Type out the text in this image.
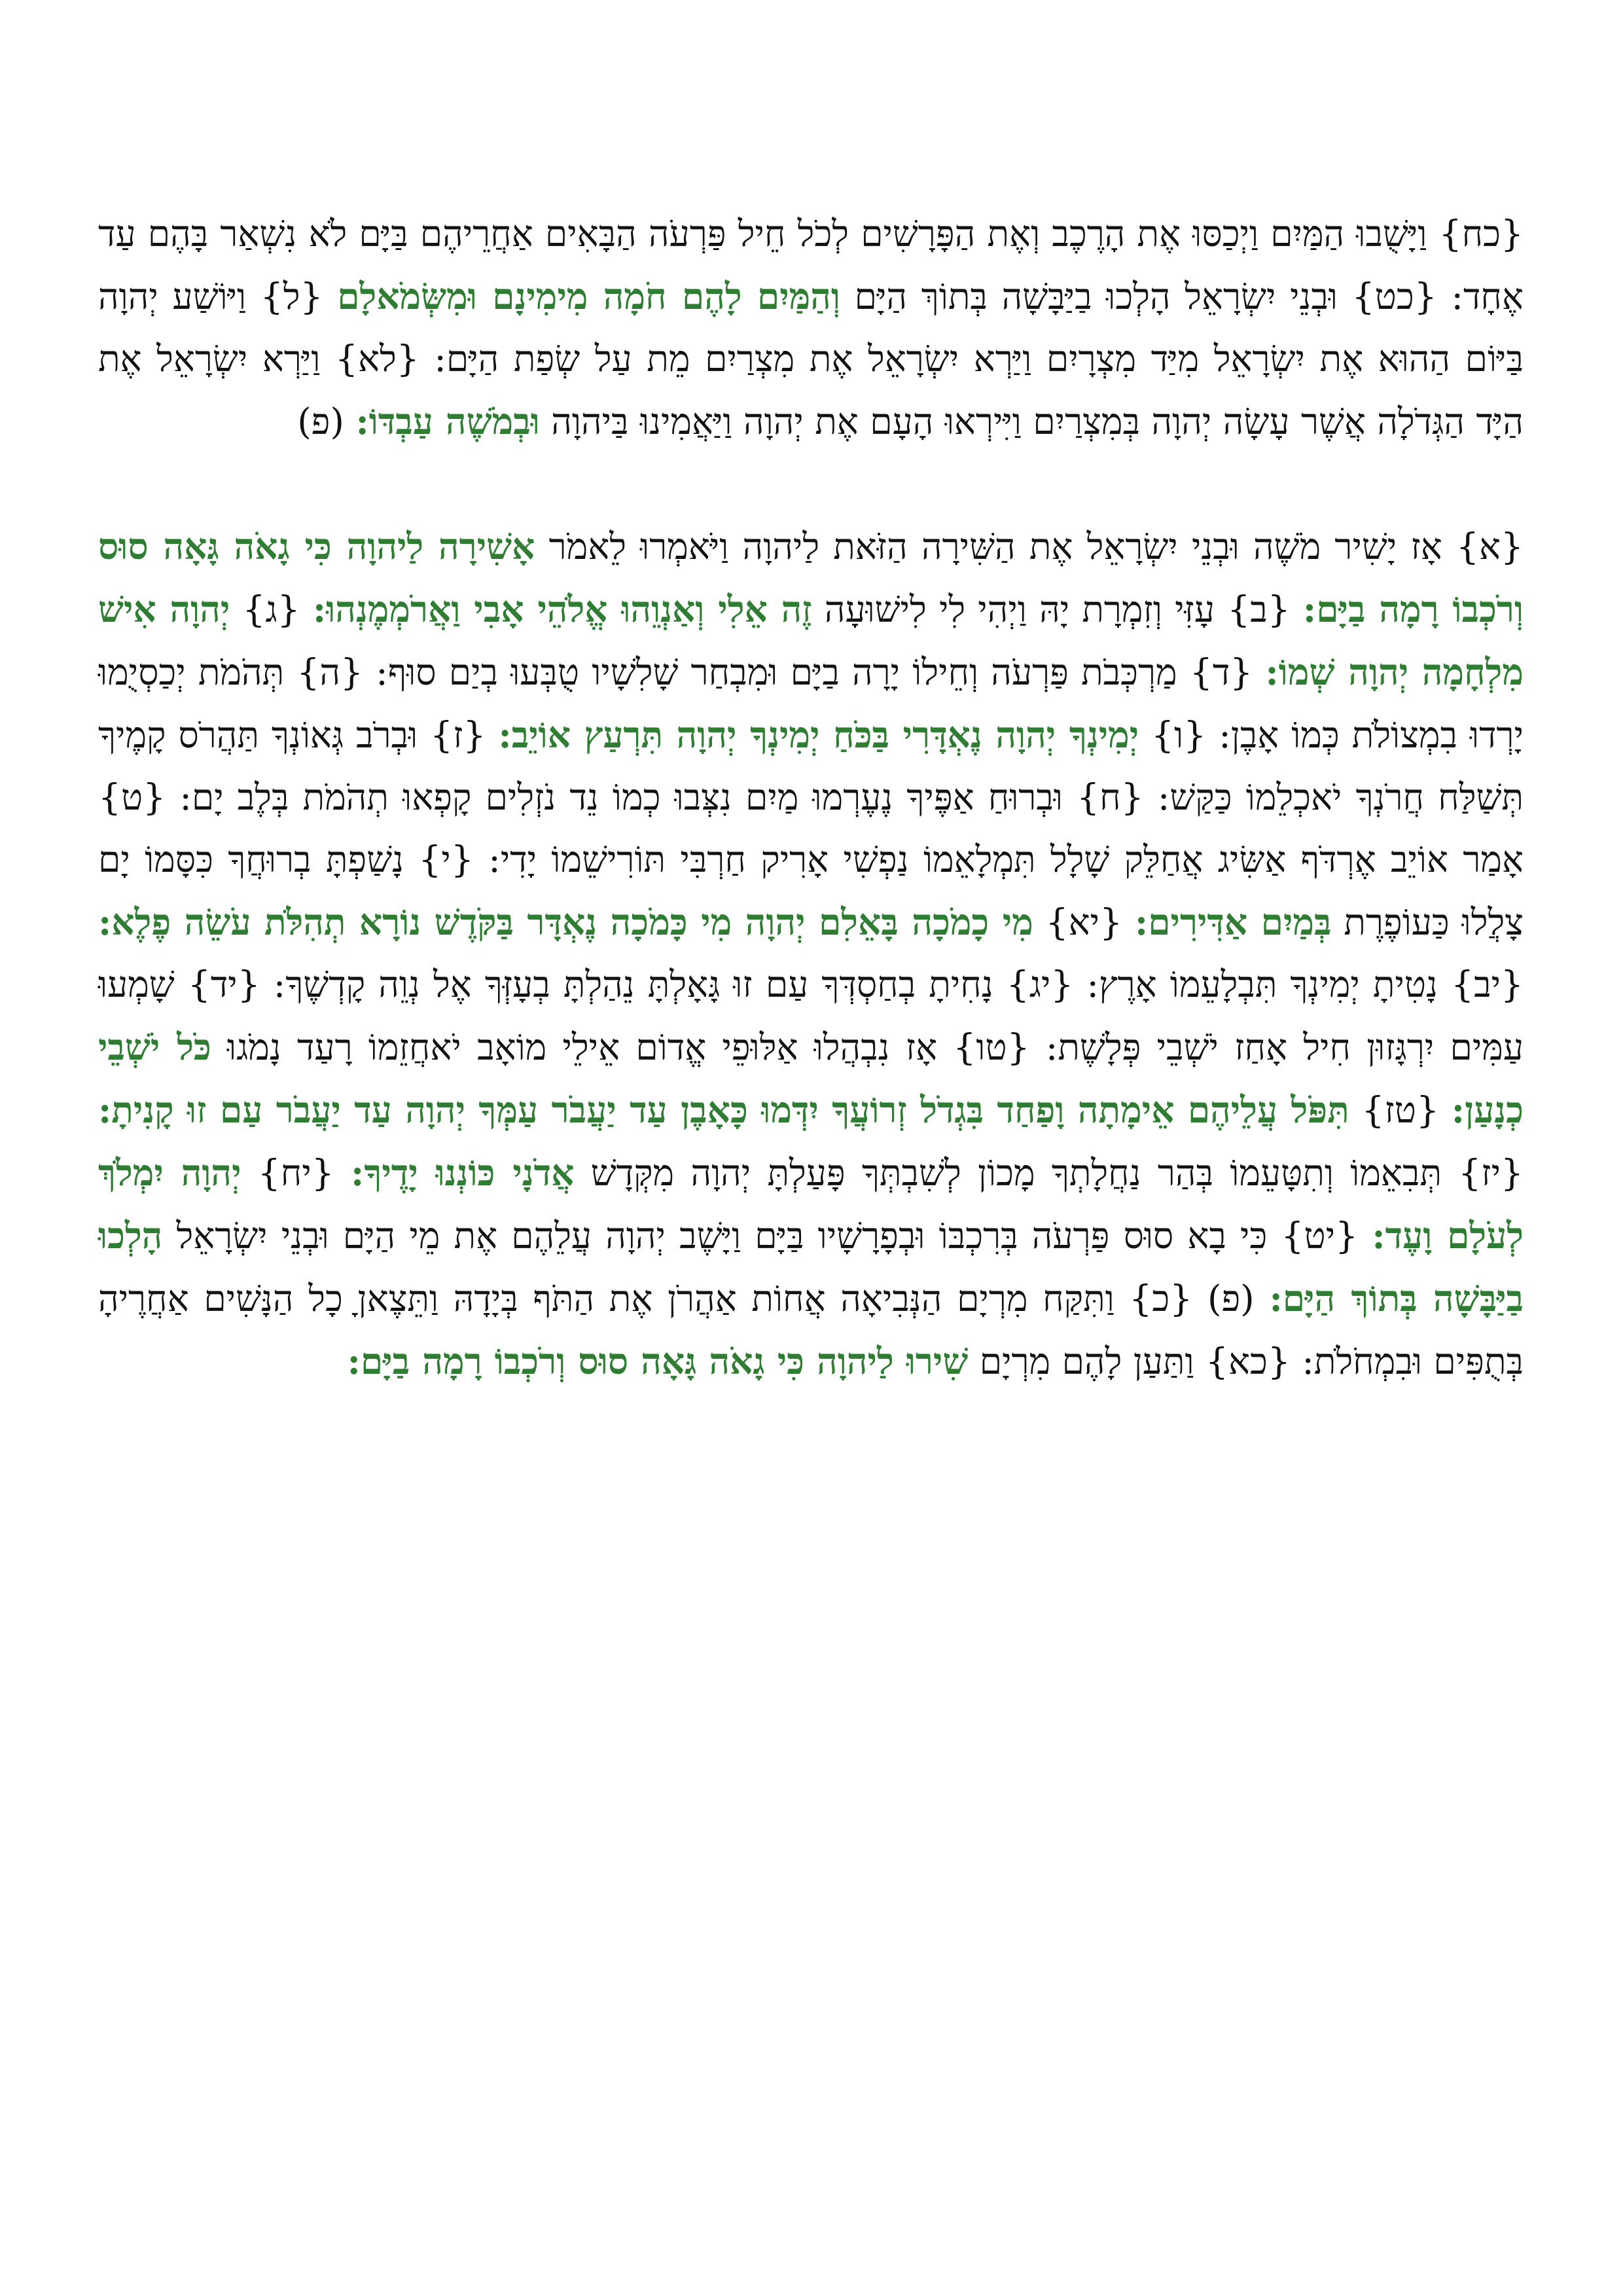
{כח} וַיָּשֻׁבוּ הַמַּיִם וַיְכַסּוּ אֶת הָרֶכֶב וְאֶת הַפָּרָשִׁים לְכֹל חֵיל פַּרְעֹה הַבָּאִים אַחֲרֵיהֶם בַּיָּם לֹא נִשְׁאַר בָּהֶם עַד אֶחָד: {כט} וּבְנֵי יִשְׂרָאֵל הָלְכוּ בַיַּבָּשָׁה בְּתוֹךְ הַיָּם וְהַמַּיִם לָהֶם חֹמָה מִימִינָם וּמִשְּׂמֹאלָם {ל} וַיּוֹשַׁע יְהוָה בַּיּוֹם הַהוּא אֶת יִשְׂרָאֵל מִיַּד מִצְרָיִם וַיַּרְא יִשְׂרָאֵל אֶת מִצְרַיִם מֵת עַל שְׂפַת הַיָּם: {לא} וַיַּרְא יִשְׂרָאֵל אֶת הַיָּד הַגְּדֹלָה אֲשֶׁר עָשָׂה יְהוָה בְּמִצְרַיִם וַיִּירְאוּ הָעָם אֶת יְהוָה וַיַּאֲמִינוּ בַּיהוָה וּבְמֹשֶׁה עַבְדּוֹ: (פ)

{א} אָז יָשִׁיר מֹשֶׁה וּבְנֵי יִשְׂרָאֵל אֶת הַשִּׁירָה הַזֹּאת לַיהוָה וַיֹּאמְרוּ לֵאמֹר אָשִׁירָה לַיהוָה כִּי גָאֹה גָּאָה סוּס וְרֹכְבוֹ רָמָה בַיָּם: {ב} עָזִּי וְזִמְרָת יָהּ וַיְהִי לִי לִישׁוּעָה זֶה אֵלִי וְאַנְוֵהוּ אֱלֹהֵי אָבִי וַאֲרֹמְמֶנְהוּ: {ג} יְהוָה אִישׁ מִלְחָמָה יְהוָה שְׁמוֹ: {ד} מַרְכְּבֹת פַּרְעֹה וְחֵילוֹ יָרָה בַיָּם וּמִבְחַר שָׁלִשָׁיו טֻבְּעוּ בְיַם סוּף: {ה} תְּהֹמֹת יְכַסְיֻמוּ יָרְדוּ בִמְצוֹלֹת כְּמוֹ אָבֶן: {ו} יְמִינְךָ יְהוָה נֶאְדָּרִי בַּכֹּחַ יְמִינְךָ יְהוָה תִּרְעַץ אוֹיֵב: {ז} וּבְרֹב גְּאוֹנְךָ תַּהֲרֹס קָמֶיךָ תְּשַׁלַּח חֲרֹנְךָ יֹאכְלֵמוֹ כַּקַּשׁ: {ח} וּבְרוּחַ אַפֶּיךָ נֶעֶרְמוּ מַיִם נִצְּבוּ כְמוֹ נֵד נֹזְלִים קָפְאוּ תְהֹמֹת בְּלֶב יָם: {ט} אָמַר אוֹיֵב אֶרְדֹּף אַשִּׂיג אֲחַלֵּק שָׁלָל תִּמְלָאֵמוֹ נַפְשִׁי אָרִיק חַרְבִּי תּוֹרִישֵׁמוֹ יָדִי: {י} נָשַׁפְתָּ בְרוּחֲךָ כִּסָּמוֹ יָם צָלֲלוּ כַּעוֹפֶרֶת בְּמַיִם אַדִּירִים: {יא} מִי כָמֹכָה בָּאֵלִם יְהוָה מִי כָּמֹכָה נֶאְדָּר בַּקֹּדֶשׁ נוֹרָא תְהִלֹּת עֹשֵׂה פֶלֶא: {יב} נָטִיתָ יְמִינְךָ תִּבְלָעֵמוֹ אָרֶץ: {יג} נָחִיתָ בְחַסְדְּךָ עַם זוּ גָּאָלְתָּ נֵהַלְתָּ בְעָזְּךָ אֶל נְוֵה קָדְשֶׁךָ: {יד} שָׁמְעוּ עַמִּים יִרְגָּזוּן חִיל אָחַז יֹשְׁבֵי פְּלָשֶׁת: {טו} אָז נִבְהֲלוּ אַלּוּפֵי אֱדוֹם אֵילֵי מוֹאָב יֹאחֲזֵמוֹ רָעַד נָמֹגוּ כֹּל יֹשְׁבֵי כְנָעַן: {טז} תִּפֹּל עֲלֵיהֶם אֵימָתָה וָפַחַד בִּגְדֹל זְרוֹעֲךָ יִדְּמוּ כָּאָבֶן עַד יַעֲבֹר עַמְּךָ יְהוָה עַד יַעֲבֹר עַם זוּ קָנִיתָ: {יז} תְּבִאֵמוֹ וְתִטָּעֵמוֹ בְּהַר נַחֲלָתְךָ מָכוֹן לְשִׁבְתְּךָ פָּעַלְתָּ יְהוָה מִקְּדָשׁ אֲדֹנָי כּוֹנְנוּ יָדֶיךָ: {יח} יְהוָה יִמְלֹךְ לְעֹלָם וָעֶד: {יט} כִּי בָא סוּס פַּרְעֹה בְּרִכְבּוֹ וּבְפָרָשָׁיו בַּיָּם וַיָּשֶׁב יְהוָה עֲלֵהֶם אֶת מֵי הַיָּם וּבְנֵי יִשְׂרָאֵל הָלְכוּ בַיַּבָּשָׁה בְּתוֹךְ הַיָּם: (פ) {כ} וַתִּקַּח מִרְיָם הַנְּבִיאָה אֲחוֹת אַהֲרֹן אֶת הַתֹּף בְּיָדָהּ וַתֵּצֶאןָ כָל הַנָּשִׁים אַחֲרֶיהָ בְּתֻפִּים וּבִמְחֹלֹת: {כא} וַתַּעַן לָהֶם מִרְיָם שִׁירוּ לַיהוָה כִּי גָאֹה גָּאָה סוּס וְרֹכְבוֹ רָמָה בַיָּם:
